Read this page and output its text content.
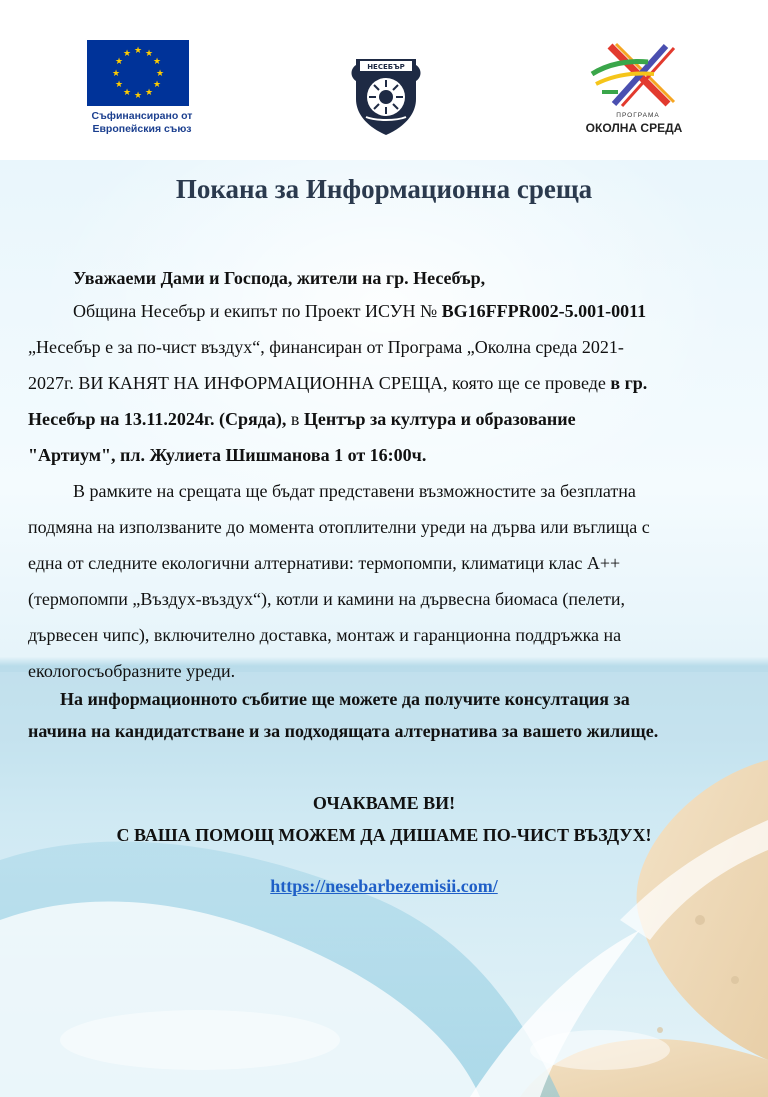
★ ★
★
★
★
★
★
★
★
★
★
★
Съфинансирано от
Европейския съюз
НЕСЕБЪР
ПРОГРАМА
ОКОЛНА СРЕДА
Покана за Информационна среща
Уважаеми Дами и Господа, жители на гр. Несебър,
Община Несебър и екипът по Проект ИСУН № BG16FFPR002-5.001-0011
„Несебър е за по-чист въздух“, финансиран от Програма „Околна среда 2021-
2027г. ВИ КАНЯТ НА ИНФОРМАЦИОННА СРЕЩА, която ще се проведе в гр.
Несебър на 13.11.2024г. (Сряда), в Център за култура и образование
"Артиум", пл. Жулиета Шишманова 1 от 16:00ч.
В рамките на срещата ще бъдат представени възможностите за безплатна
подмяна на използваните до момента отоплителни уреди на дърва или въглища с
една от следните екологични алтернативи: термопомпи, климатици клас А++
(термопомпи „Въздух-въздух“), котли и камини на дървесна биомаса (пелети,
дървесен чипс), включително доставка, монтаж и гаранционна поддръжка на
екологосъобразните уреди.
На информационното събитие ще можете да получите консултация за
начина на кандидатстване и за подходящата алтернатива за вашето жилище.
ОЧАКВАМЕ ВИ!
С ВАША ПОМОЩ МОЖЕМ ДА ДИШАМЕ ПО-ЧИСТ ВЪЗДУХ!
https://nesebarbezemisii.com/
